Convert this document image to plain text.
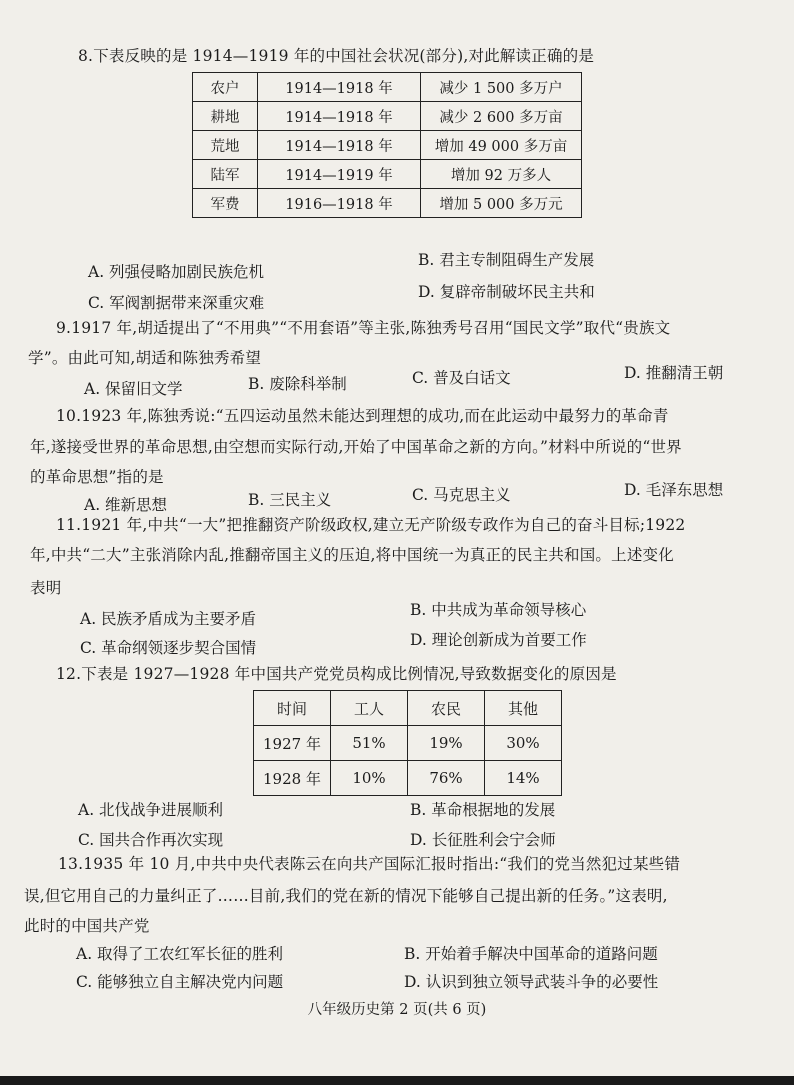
8.下表反映的是 1914—1919 年的中国社会状况(部分),对此解读正确的是
农户	1914—1918 年	减少 1 500 多万户
耕地	1914—1918 年	减少 2 600 多万亩
荒地	1914—1918 年	增加 49 000 多万亩
陆军	1914—1919 年	增加 92 万多人
军费	1916—1918 年	增加 5 000 多万元
A. 列强侵略加剧民族危机
B. 君主专制阻碍生产发展
C. 军阀割据带来深重灾难
D. 复辟帝制破坏民主共和
9.1917 年,胡适提出了“不用典”“不用套语”等主张,陈独秀号召用“国民文学”取代“贵族文
学”。由此可知,胡适和陈独秀希望
A. 保留旧文学	B. 废除科举制	C. 普及白话文	D. 推翻清王朝
10.1923 年,陈独秀说:“五四运动虽然未能达到理想的成功,而在此运动中最努力的革命青
年,遂接受世界的革命思想,由空想而实际行动,开始了中国革命之新的方向。”材料中所说的“世界
的革命思想”指的是
A. 维新思想	B. 三民主义	C. 马克思主义	D. 毛泽东思想
11.1921 年,中共“一大”把推翻资产阶级政权,建立无产阶级专政作为自己的奋斗目标;1922
年,中共“二大”主张消除内乱,推翻帝国主义的压迫,将中国统一为真正的民主共和国。上述变化
表明
A. 民族矛盾成为主要矛盾	B. 中共成为革命领导核心
C. 革命纲领逐步契合国情	D. 理论创新成为首要工作
12.下表是 1927—1928 年中国共产党党员构成比例情况,导致数据变化的原因是
时间	工人	农民	其他
1927 年	51%	19%	30%
1928 年	10%	76%	14%
A. 北伐战争进展顺利	B. 革命根据地的发展
C. 国共合作再次实现	D. 长征胜利会宁会师
13.1935 年 10 月,中共中央代表陈云在向共产国际汇报时指出:“我们的党当然犯过某些错
误,但它用自己的力量纠正了……目前,我们的党在新的情况下能够自己提出新的任务。”这表明,
此时的中国共产党
A. 取得了工农红军长征的胜利	B. 开始着手解决中国革命的道路问题
C. 能够独立自主解决党内问题	D. 认识到独立领导武装斗争的必要性
八年级历史第 2 页(共 6 页)
